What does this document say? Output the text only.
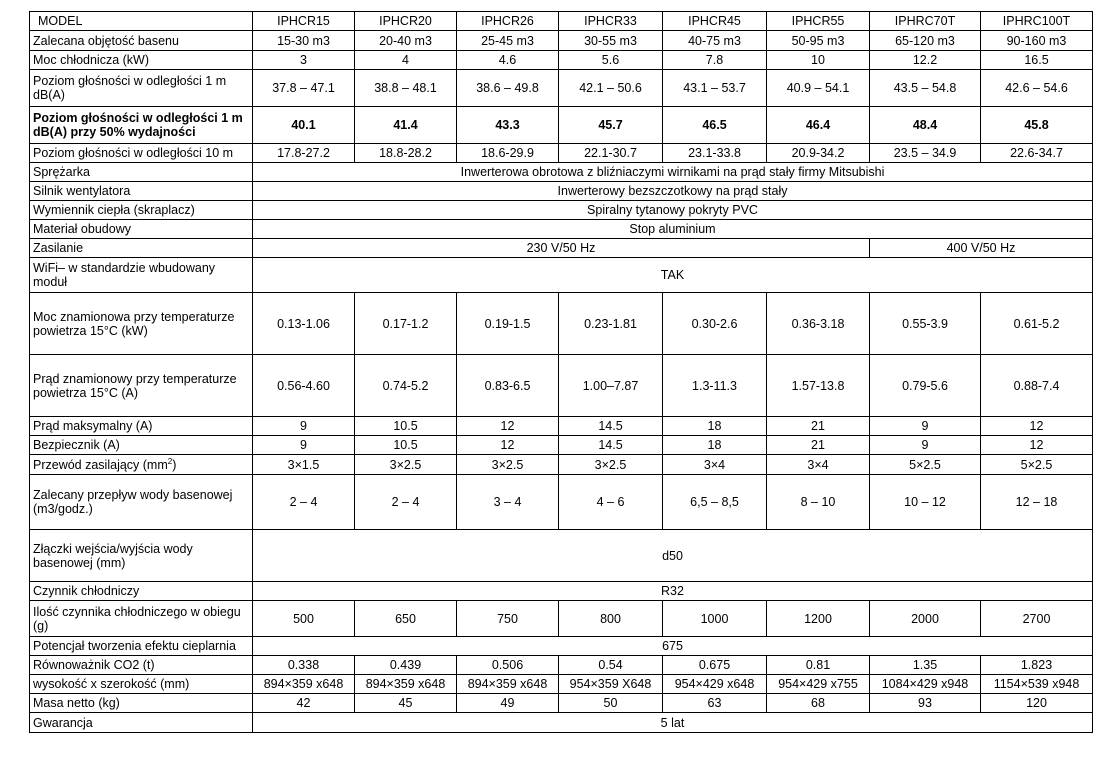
MODEL	IPHCR15	IPHCR20	IPHCR26	IPHCR33	IPHCR45	IPHCR55	IPHRC70T	IPHRC100T
Zalecana objętość basenu	15-30 m3	20-40 m3	25-45 m3	30-55 m3	40-75 m3	50-95 m3	65-120 m3	90-160 m3
Moc chłodnicza (kW)	3	4	4.6	5.6	7.8	10	12.2	16.5
Poziom głośności w odległości 1 m dB(A)	37.8 – 47.1	38.8 – 48.1	38.6 – 49.8	42.1 – 50.6	43.1 – 53.7	40.9 – 54.1	43.5 – 54.8	42.6 – 54.6
Poziom głośności w odległości 1 m dB(A) przy 50% wydajności	40.1	41.4	43.3	45.7	46.5	46.4	48.4	45.8
Poziom głośności w odległości 10 m	17.8-27.2	18.8-28.2	18.6-29.9	22.1-30.7	23.1-33.8	20.9-34.2	23.5 – 34.9	22.6-34.7
Sprężarka	Inwerterowa obrotowa z bliźniaczymi wirnikami na prąd stały firmy Mitsubishi							
Silnik wentylatora	Inwerterowy bezszczotkowy na prąd stały							
Wymiennik ciepła (skraplacz)	Spiralny tytanowy pokryty PVC							
Materiał obudowy	Stop aluminium							
Zasilanie	230 V/50 Hz						400 V/50 Hz	
WiFi– w standardzie wbudowany moduł	TAK							
Moc znamionowa przy temperaturze powietrza 15°C (kW)	0.13-1.06	0.17-1.2	0.19-1.5	0.23-1.81	0.30-2.6	0.36-3.18	0.55-3.9	0.61-5.2
Prąd znamionowy przy temperaturze powietrza 15°C (A)	0.56-4.60	0.74-5.2	0.83-6.5	1.00–7.87	1.3-11.3	1.57-13.8	0.79-5.6	0.88-7.4
Prąd maksymalny (A)	9	10.5	12	14.5	18	21	9	12
Bezpiecznik (A)	9	10.5	12	14.5	18	21	9	12
Przewód zasilający $(mm^2)$	3×1.5	3×2.5	3×2.5	3×2.5	3×4	3×4	5×2.5	5×2.5
Zalecany przepływ wody basenowej (m3/godz.)	2 – 4	2 – 4	3 – 4	4 – 6	6,5 – 8,5	8 – 10	10 – 12	12 – 18
Złączki wejścia/wyjścia wody basenowej (mm)	d50							
Czynnik chłodniczy	R32							
Ilość czynnika chłodniczego w obiegu (g)	500	650	750	800	1000	1200	2000	2700
Potencjał tworzenia efektu cieplarnia	675							
Równoważnik CO2 (t)	0.338	0.439	0.506	0.54	0.675	0.81	1.35	1.823
wysokość x szerokość (mm)	894×359 x648	894×359 x648	894×359 x648	954×359 X648	954×429 x648	954×429 x755	1084×429 x948	1154×539 x948
Masa netto (kg)	42	45	49	50	63	68	93	120
Gwarancja	5 lat							
